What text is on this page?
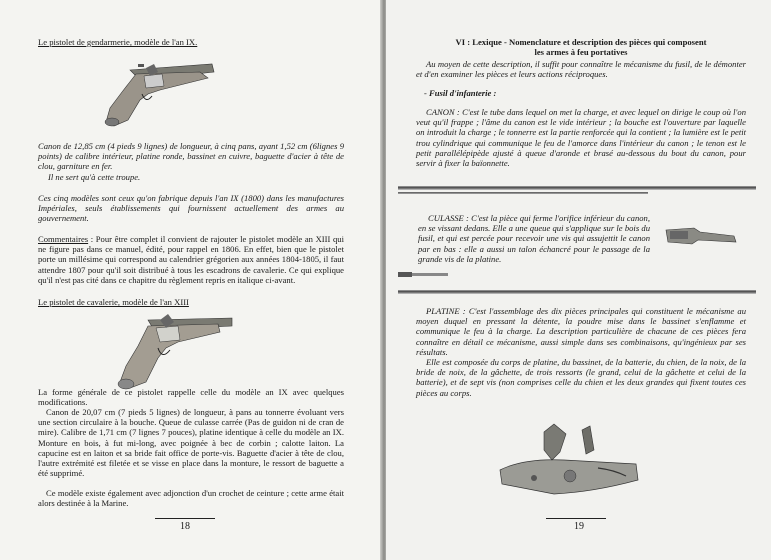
Le pistolet de gendarmerie, modèle de l'an IX.
Canon de 12,85 cm (4 pieds 9 lignes) de longueur, à cinq pans, ayant 1,52 cm (6lignes 9 points) de calibre intérieur, platine ronde, bassinet en cuivre, baguette d'acier à tête de clou, garniture en fer.
Il ne sert qu'à cette troupe.
Ces cinq modèles sont ceux qu'on fabrique depuis l'an IX (1800) dans les manufactures Impériales, seuls établissements qui fournissent actuellement des armes au gouvernement.
Commentaires : Pour être complet il convient de rajouter le pistolet modèle an XIII qui ne figure pas dans ce manuel, édité, pour rappel en 1806. En effet, bien que le pistolet porte un millésime qui correspond au calendrier grégorien aux années 1804-1805, il faut attendre 1807 pour qu'il soit distribué à tous les escadrons de cavalerie. Ce qui explique qu'il n'est pas cité dans ce chapitre du règlement repris en italique ci-avant.
Le pistolet de cavalerie, modèle de l'an XIII
La forme générale de ce pistolet rappelle celle du modèle an IX avec quelques modifications.
Canon de 20,07 cm (7 pieds 5 lignes) de longueur, à pans au tonnerre évoluant vers une section circulaire à la bouche. Queue de culasse carrée (Pas de guidon ni de cran de mire). Calibre de 1,71 cm (7 lignes 7 pouces), platine identique à celle du modèle an IX. Monture en bois, à fut mi-long, avec poignée à bec de corbin ; calotte laiton. La capucine est en laiton et sa bride fait office de porte-vis. Baguette d'acier à tête de clou, l'autre extrémité est filetée et se visse en place dans la monture, le ressort de baguette a été supprimé.
Ce modèle existe également avec adjonction d'un crochet de ceinture ; cette arme était alors destinée à la Marine.
18
VI : Lexique - Nomenclature et description des pièces qui composent
les armes à feu portatives
Au moyen de cette description, il suffit pour connaître le mécanisme du fusil, de le démonter et d'en examiner les pièces et leurs actions réciproques.
- Fusil d'infanterie :
CANON : C'est le tube dans lequel on met la charge, et avec lequel on dirige le coup où l'on veut qu'il frappe ; l'âme du canon est le vide intérieur ; la bouche est l'ouverture par laquelle on introduit la charge ; le tonnerre est la partie renforcée qui la contient ; la lumière est le petit trou cylindrique qui communique le feu de l'amorce dans l'intérieur du canon ; le tenon est le petit parallélépipède ajusté à queue d'aronde et brasé au-dessous du bout du canon, pour servir à fixer la baïonnette.
CULASSE : C'est la pièce qui ferme l'orifice inférieur du canon, en se vissant dedans. Elle a une queue qui s'applique sur le bois du fusil, et qui est percée pour recevoir une vis qui assujettit le canon par en bas : elle a aussi un talon échancré pour le passage de la grande vis de la platine.
PLATINE : C'est l'assemblage des dix pièces principales qui constituent le mécanisme au moyen duquel en pressant la détente, la poudre mise dans le bassinet s'enflamme et communique le feu à la charge. La description particulière de chacune de ces pièces fera connaître en détail ce mécanisme, aussi simple dans ses combinaisons, qu'ingénieux par ses résultats.
Elle est composée du corps de platine, du bassinet, de la batterie, du chien, de la noix, de la bride de noix, de la gâchette, de trois ressorts (le grand, celui de la gâchette et celui de la batterie), et de sept vis (non comprises celle du chien et les deux grandes qui fixent toutes ces pièces au corps.
19
